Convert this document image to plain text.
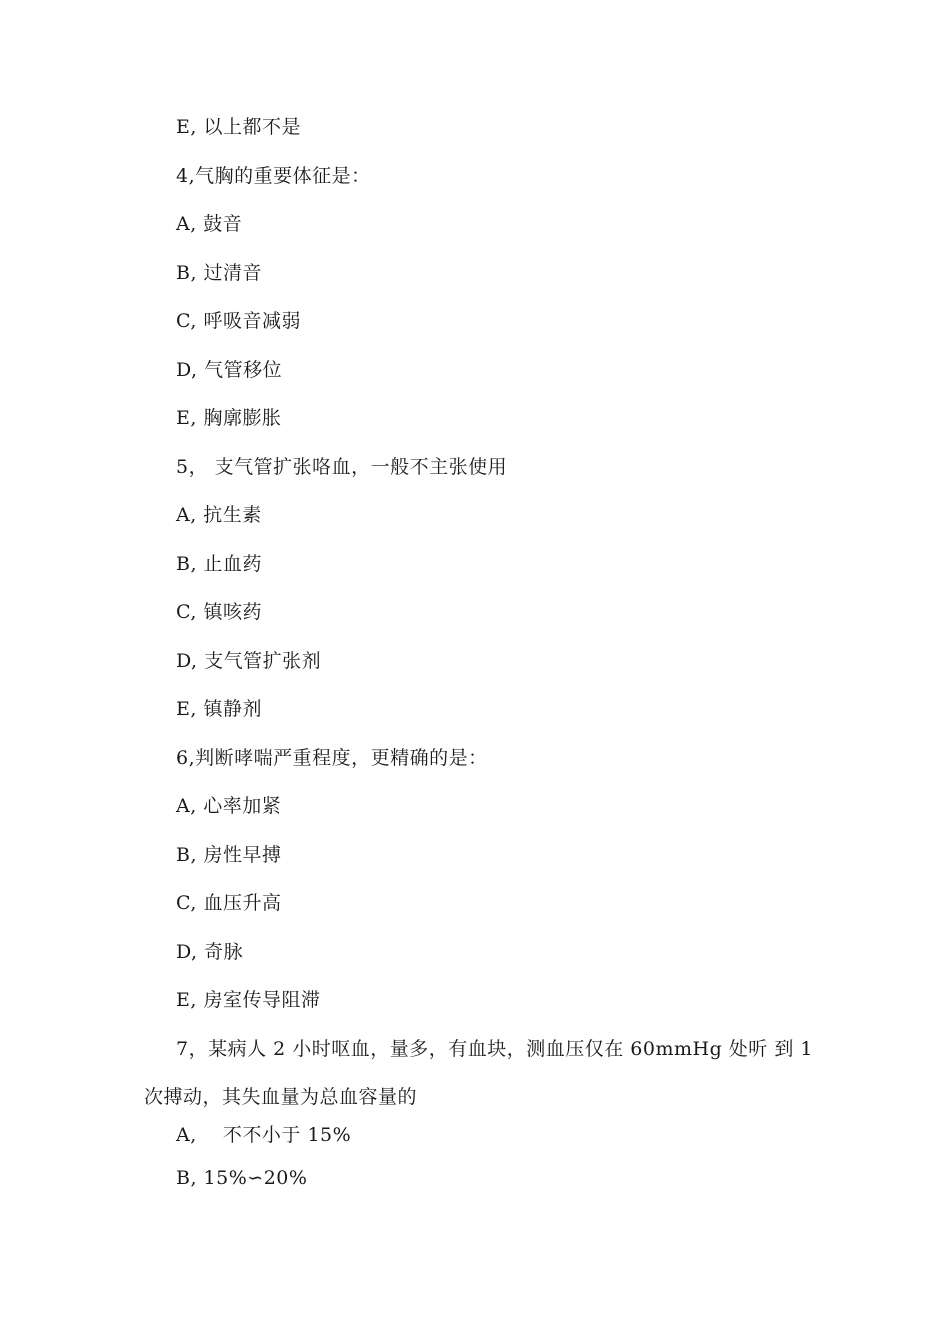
E, 以上都不是
4,气胸的重要体征是：
A, 鼓音
B, 过清音
C, 呼吸音减弱
D, 气管移位
E, 胸廓膨胀
5， 支气管扩张咯血，一般不主张使用
A, 抗生素
B, 止血药
C, 镇咳药
D, 支气管扩张剂
E, 镇静剂
6,判断哮喘严重程度，更精确的是：
A, 心率加紧
B, 房性早搏
C, 血压升高
D, 奇脉
E, 房室传导阻滞
7，某病人 2 小时呕血，量多，有血块，测血压仅在 60mmHg 处听 到 1
次搏动，其失血量为总血容量的
A,    不不小于 15%
B, 15%∽20%
